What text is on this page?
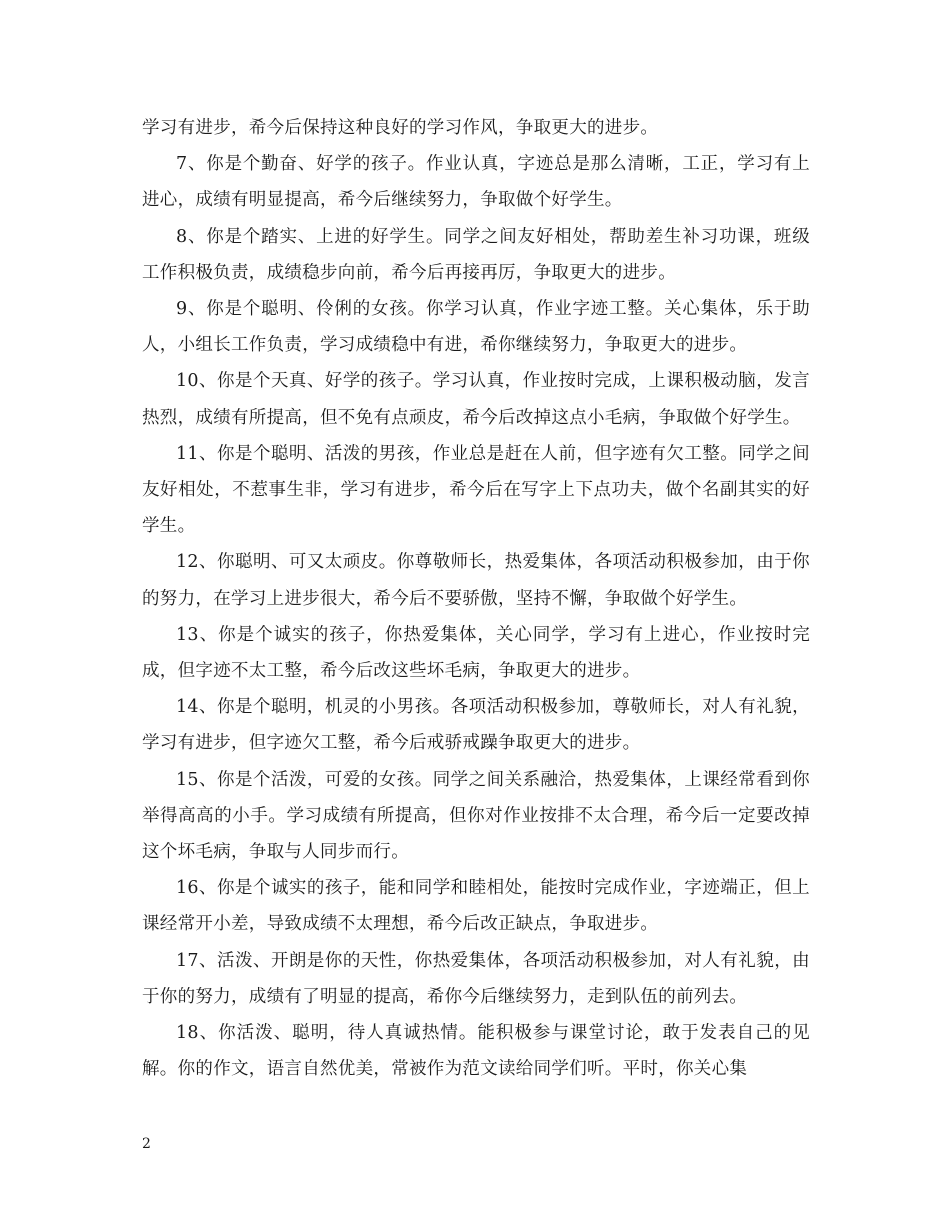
学习有进步，希今后保持这种良好的学习作风，争取更大的进步。

7、你是个勤奋、好学的孩子。作业认真，字迹总是那么清晰，工正，学习有上进心，成绩有明显提高，希今后继续努力，争取做个好学生。

8、你是个踏实、上进的好学生。同学之间友好相处，帮助差生补习功课，班级工作积极负责，成绩稳步向前，希今后再接再厉，争取更大的进步。

9、你是个聪明、伶俐的女孩。你学习认真，作业字迹工整。关心集体，乐于助人，小组长工作负责，学习成绩稳中有进，希你继续努力，争取更大的进步。

10、你是个天真、好学的孩子。学习认真，作业按时完成，上课积极动脑，发言热烈，成绩有所提高，但不免有点顽皮，希今后改掉这点小毛病，争取做个好学生。

11、你是个聪明、活泼的男孩，作业总是赶在人前，但字迹有欠工整。同学之间友好相处，不惹事生非，学习有进步，希今后在写字上下点功夫，做个名副其实的好学生。

12、你聪明、可又太顽皮。你尊敬师长，热爱集体，各项活动积极参加，由于你的努力，在学习上进步很大，希今后不要骄傲，坚持不懈，争取做个好学生。

13、你是个诚实的孩子，你热爱集体，关心同学，学习有上进心，作业按时完成，但字迹不太工整，希今后改这些坏毛病，争取更大的进步。

14、你是个聪明，机灵的小男孩。各项活动积极参加，尊敬师长，对人有礼貌，学习有进步，但字迹欠工整，希今后戒骄戒躁争取更大的进步。

15、你是个活泼，可爱的女孩。同学之间关系融洽，热爱集体，上课经常看到你举得高高的小手。学习成绩有所提高，但你对作业按排不太合理，希今后一定要改掉这个坏毛病，争取与人同步而行。

16、你是个诚实的孩子，能和同学和睦相处，能按时完成作业，字迹端正，但上课经常开小差，导致成绩不太理想，希今后改正缺点，争取进步。

17、活泼、开朗是你的天性，你热爱集体，各项活动积极参加，对人有礼貌，由于你的努力，成绩有了明显的提高，希你今后继续努力，走到队伍的前列去。

18、你活泼、聪明，待人真诚热情。能积极参与课堂讨论，敢于发表自己的见解。你的作文，语言自然优美，常被作为范文读给同学们听。平时，你关心集

2
